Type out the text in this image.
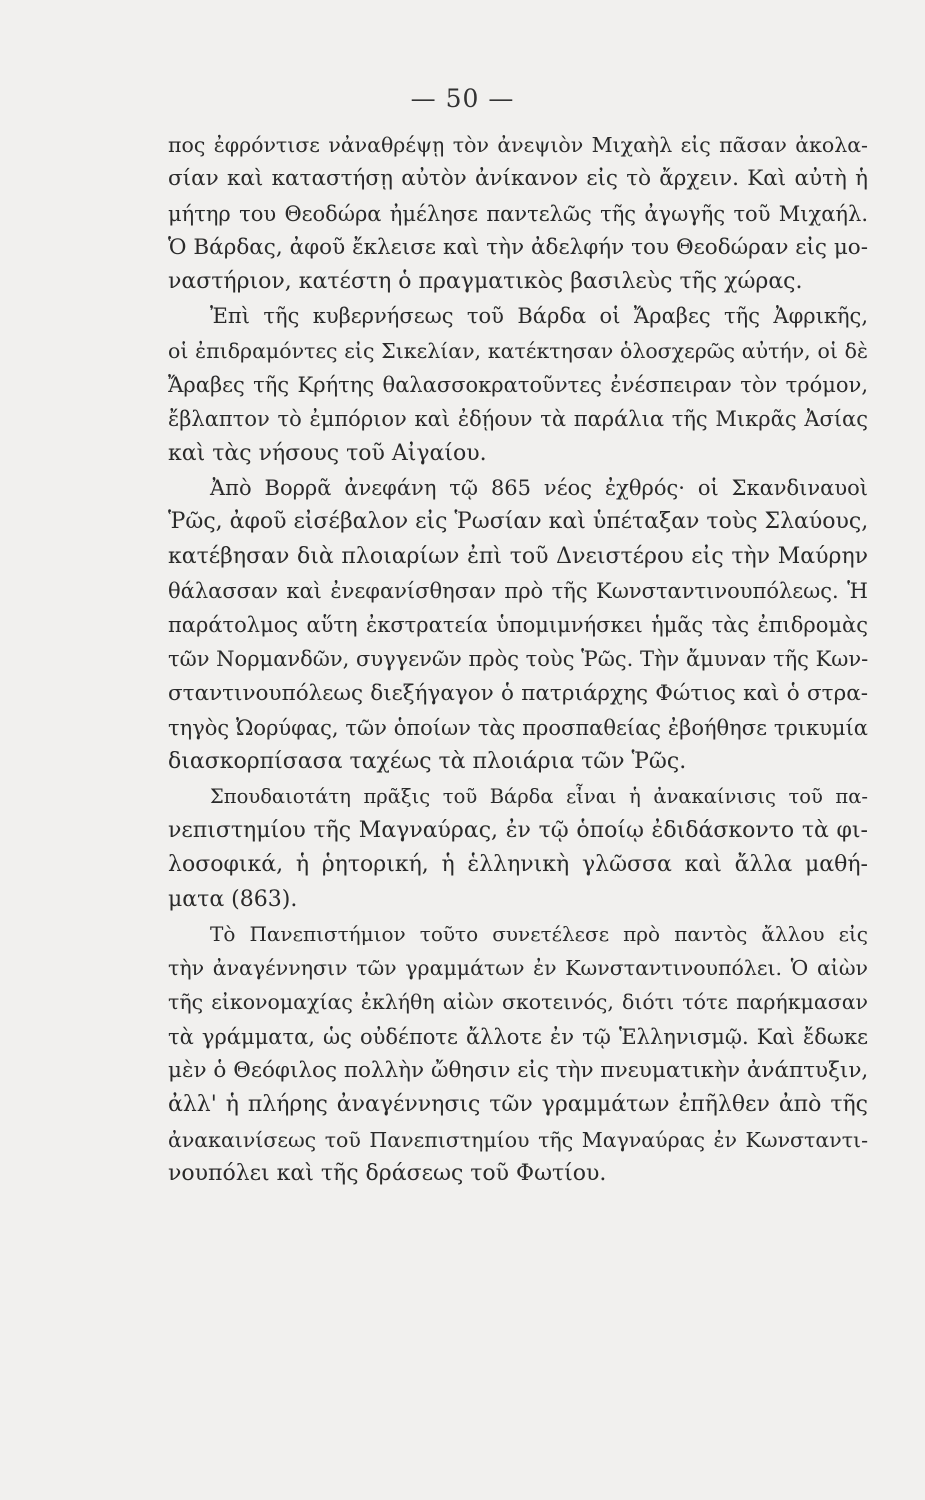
— 50 —
πος ἐφρόντισε νἀναθρέψῃ τὸν ἀνεψιὸν Μιχαὴλ εἰς πᾶσαν ἀκολα-
σίαν καὶ καταστήσῃ αὐτὸν ἀνίκανον εἰς τὸ ἄρχειν. Καὶ αὐτὴ ἡ
μήτηρ του Θεοδώρα ἠμέλησε παντελῶς τῆς ἀγωγῆς τοῦ Μιχαήλ.
Ὁ Βάρδας, ἀφοῦ ἔκλεισε καὶ τὴν ἀδελφήν του Θεοδώραν εἰς μο-
ναστήριον, κατέστη ὁ πραγματικὸς βασιλεὺς τῆς χώρας.
Ἐπὶ τῆς κυβερνήσεως τοῦ Βάρδα οἱ Ἄραβες τῆς Ἀφρικῆς,
οἱ ἐπιδραμόντες εἰς Σικελίαν, κατέκτησαν ὁλοσχερῶς αὐτήν, οἱ δὲ
Ἄραβες τῆς Κρήτης θαλασσοκρατοῦντες ἐνέσπειραν τὸν τρόμον,
ἔβλαπτον τὸ ἐμπόριον καὶ ἐδῄουν τὰ παράλια τῆς Μικρᾶς Ἀσίας
καὶ τὰς νήσους τοῦ Αἰγαίου.
Ἀπὸ Βορρᾶ ἀνεφάνη τῷ 865 νέος ἐχθρός· οἱ Σκανδιναυοὶ
Ῥῶς, ἀφοῦ εἰσέβαλον εἰς Ῥωσίαν καὶ ὑπέταξαν τοὺς Σλαύους,
κατέβησαν διὰ πλοιαρίων ἐπὶ τοῦ Δνειστέρου εἰς τὴν Μαύρην
θάλασσαν καὶ ἐνεφανίσθησαν πρὸ τῆς Κωνσταντινουπόλεως. Ἡ
παράτολμος αὕτη ἐκστρατεία ὑπομιμνήσκει ἡμᾶς τὰς ἐπιδρομὰς
τῶν Νορμανδῶν, συγγενῶν πρὸς τοὺς Ῥῶς. Τὴν ἄμυναν τῆς Κων-
σταντινουπόλεως διεξήγαγον ὁ πατριάρχης Φώτιος καὶ ὁ στρα-
τηγὸς Ὠορύφας, τῶν ὁποίων τὰς προσπαθείας ἐβοήθησε τρικυμία
διασκορπίσασα ταχέως τὰ πλοιάρια τῶν Ῥῶς.
Σπουδαιοτάτη πρᾶξις τοῦ Βάρδα εἶναι ἡ ἀνακαίνισις τοῦ πα-
νεπιστημίου τῆς Μαγναύρας, ἐν τῷ ὁποίῳ ἐδιδάσκοντο τὰ φι-
λοσοφικά, ἡ ῥητορική, ἡ ἑλληνικὴ γλῶσσα καὶ ἄλλα μαθή-
ματα (863).
Τὸ Πανεπιστήμιον τοῦτο συνετέλεσε πρὸ παντὸς ἄλλου εἰς
τὴν ἀναγέννησιν τῶν γραμμάτων ἐν Κωνσταντινουπόλει. Ὁ αἰὼν
τῆς εἰκονομαχίας ἐκλήθη αἰὼν σκοτεινός, διότι τότε παρήκμασαν
τὰ γράμματα, ὡς οὐδέποτε ἄλλοτε ἐν τῷ Ἑλληνισμῷ. Καὶ ἔδωκε
μὲν ὁ Θεόφιλος πολλὴν ὤθησιν εἰς τὴν πνευματικὴν ἀνάπτυξιν,
ἀλλ' ἡ πλήρης ἀναγέννησις τῶν γραμμάτων ἐπῆλθεν ἀπὸ τῆς
ἀνακαινίσεως τοῦ Πανεπιστημίου τῆς Μαγναύρας ἐν Κωνσταντι-
νουπόλει καὶ τῆς δράσεως τοῦ Φωτίου.
